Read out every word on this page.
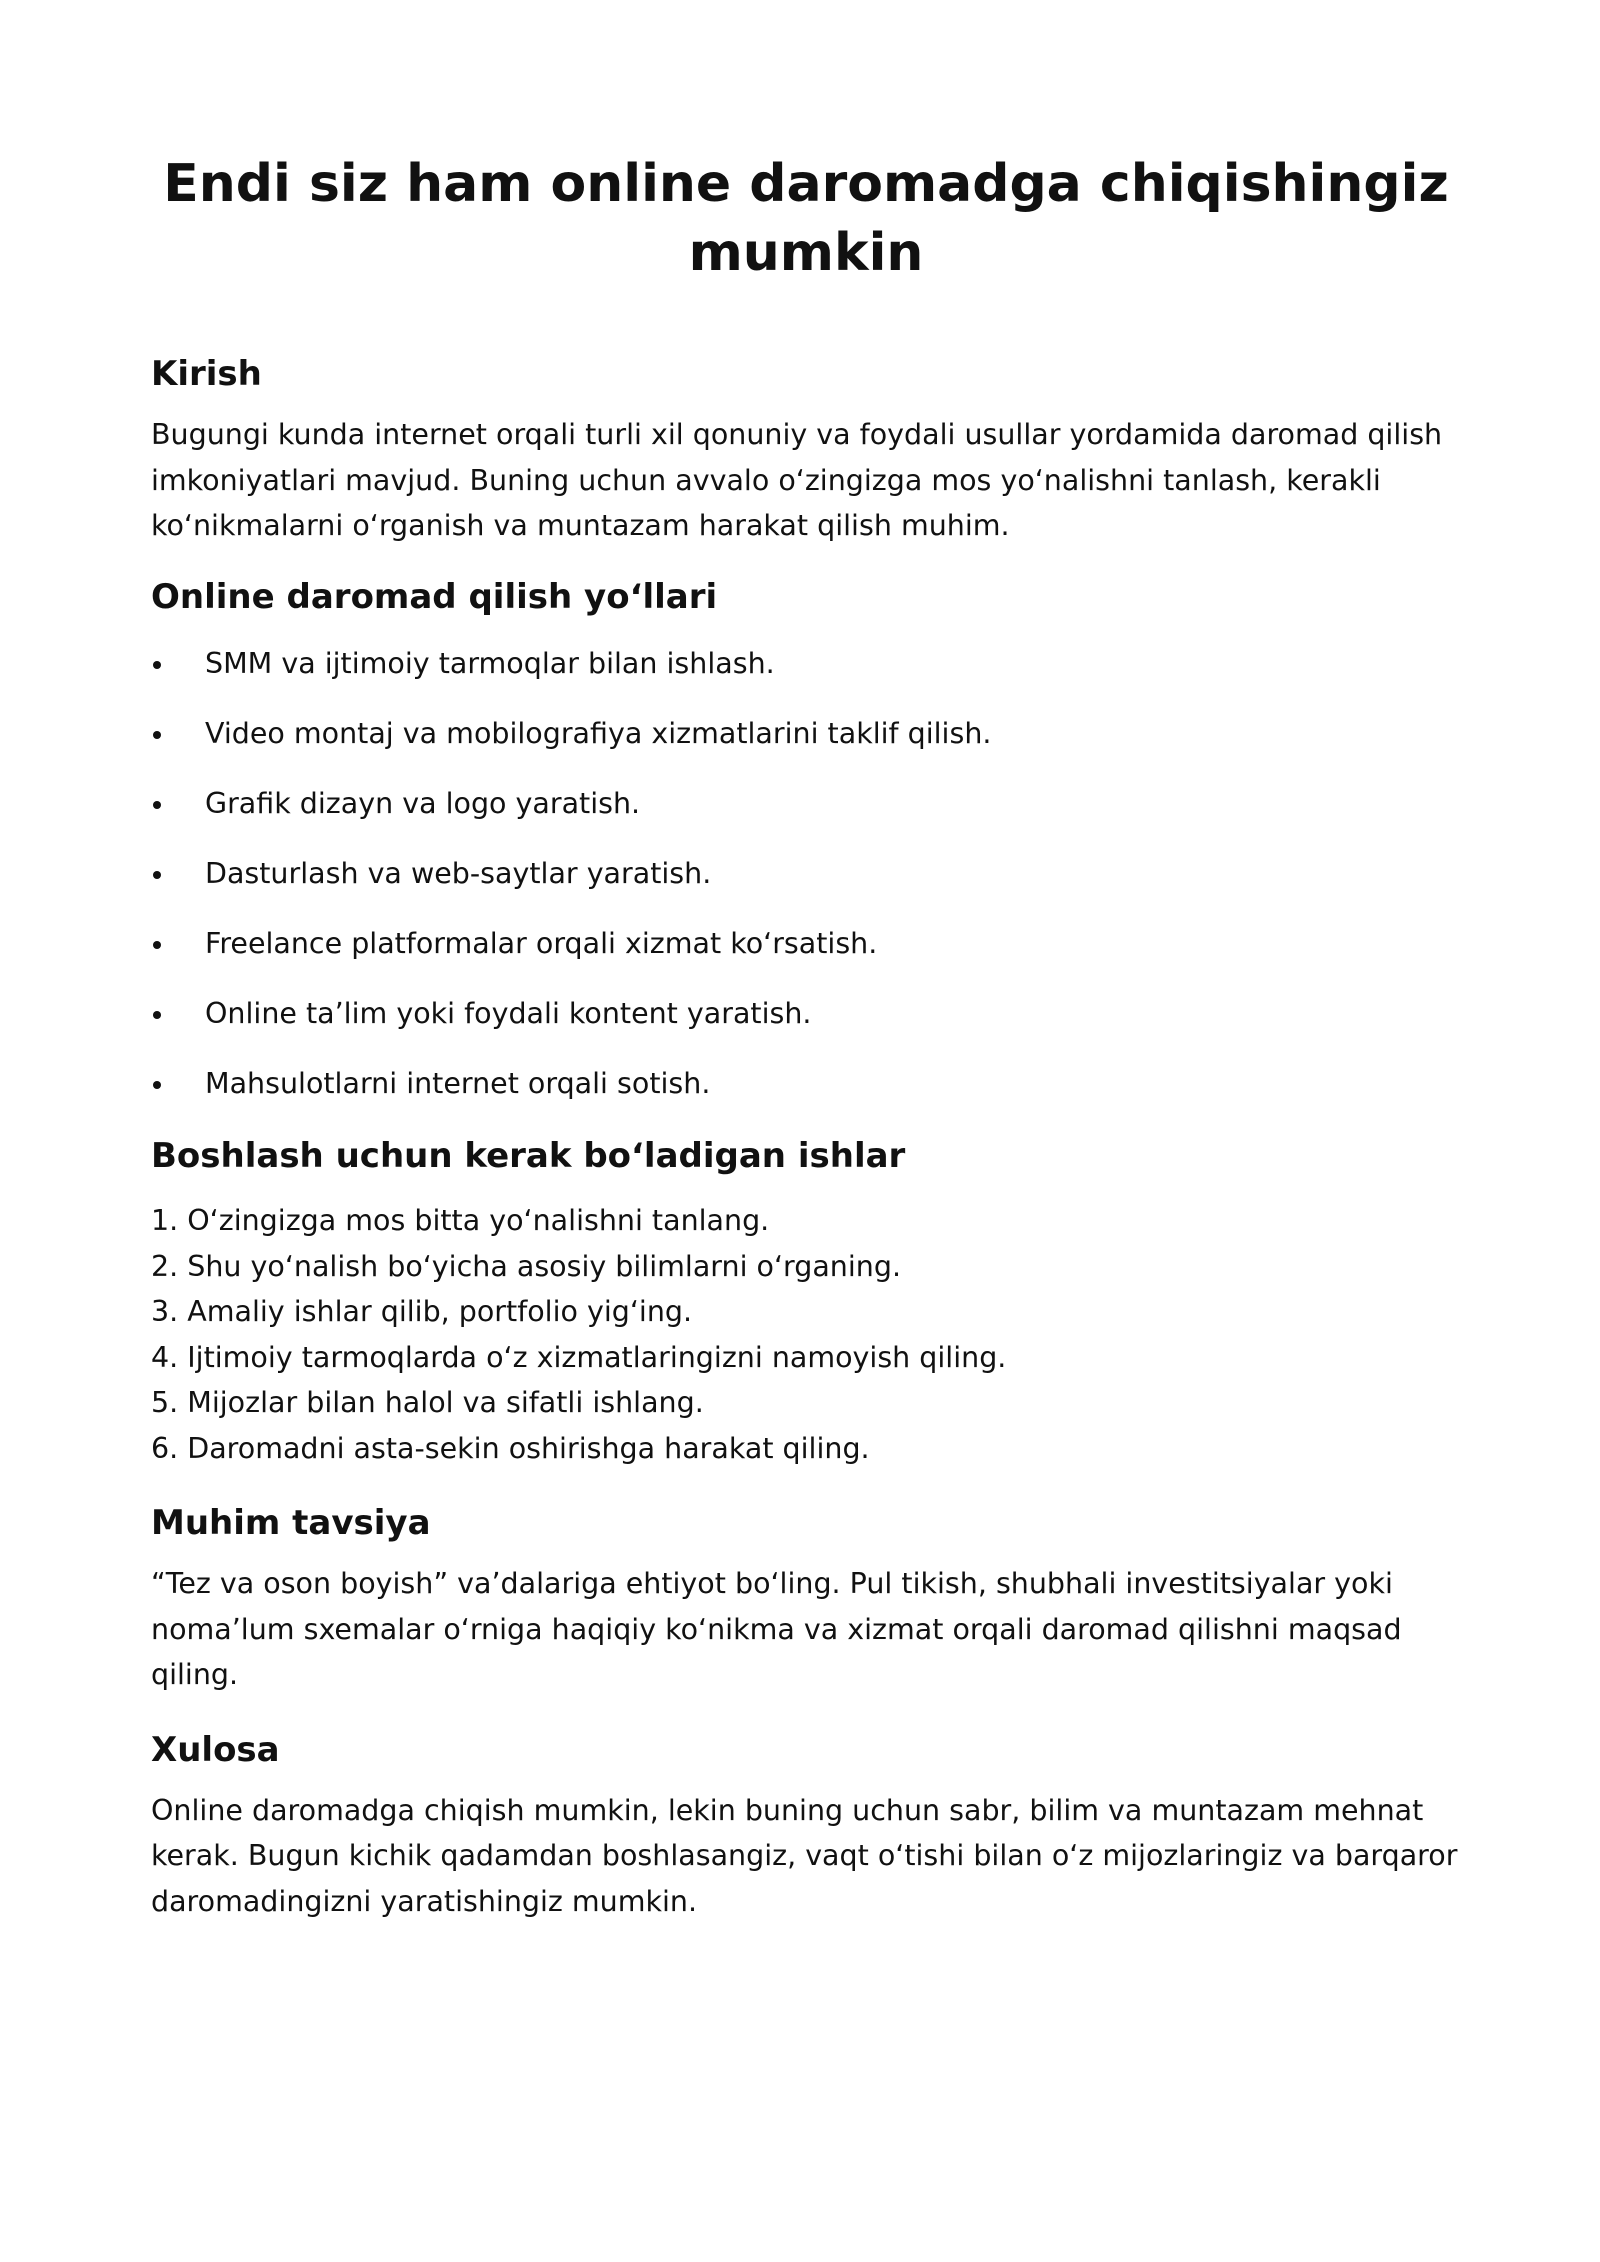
Endi siz ham online daromadga chiqishingiz mumkin
Kirish

Bugungi kunda internet orqali turli xil qonuniy va foydali usullar yordamida daromad qilish imkoniyatlari mavjud. Buning uchun avvalo oʻzingizga mos yoʻnalishni tanlash, kerakli koʻnikmalarni oʻrganish va muntazam harakat qilish muhim.

Online daromad qilish yoʻllari
SMM va ijtimoiy tarmoqlar bilan ishlash.
Video montaj va mobilografiya xizmatlarini taklif qilish.
Grafik dizayn va logo yaratish.
Dasturlash va web-saytlar yaratish.
Freelance platformalar orqali xizmat koʻrsatish.
Online taʼlim yoki foydali kontent yaratish.
Mahsulotlarni internet orqali sotish.
Boshlash uchun kerak boʻladigan ishlar
1. Oʻzingizga mos bitta yoʻnalishni tanlang.
2. Shu yoʻnalish boʻyicha asosiy bilimlarni oʻrganing.
3. Amaliy ishlar qilib, portfolio yigʻing.
4. Ijtimoiy tarmoqlarda oʻz xizmatlaringizni namoyish qiling.
5. Mijozlar bilan halol va sifatli ishlang.
6. Daromadni asta-sekin oshirishga harakat qiling.
Muhim tavsiya

“Tez va oson boyish” vaʼdalariga ehtiyot boʻling. Pul tikish, shubhali investitsiyalar yoki nomaʼlum sxemalar oʻrniga haqiqiy koʻnikma va xizmat orqali daromad qilishni maqsad qiling.

Xulosa

Online daromadga chiqish mumkin, lekin buning uchun sabr, bilim va muntazam mehnat kerak. Bugun kichik qadamdan boshlasangiz, vaqt oʻtishi bilan oʻz mijozlaringiz va barqaror daromadingizni yaratishingiz mumkin.
